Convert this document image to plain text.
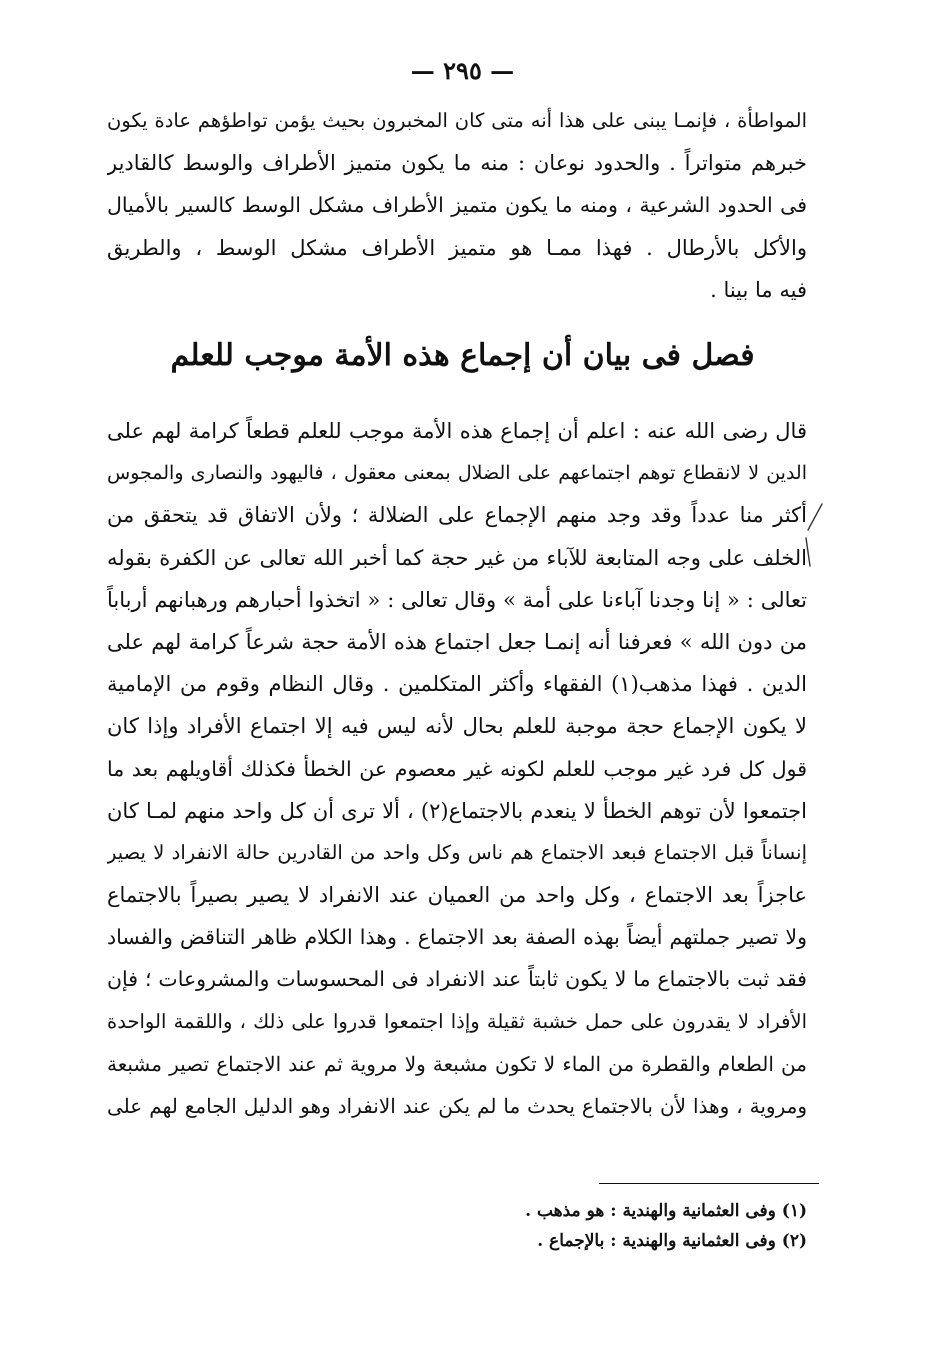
— ٢٩٥ —
المواطأة ، فإنمـا يبنى على هذا أنه متى كان المخبرون بحيث يؤمن تواطؤهم عادة يكون
خبرهم متواتراً . والحدود نوعان : منه ما يكون متميز الأطراف والوسط كالقادير
فى الحدود الشرعية ، ومنه ما يكون متميز الأطراف مشكل الوسط كالسير بالأميال
والأكل بالأرطال . فهذا ممـا هو متميز الأطراف مشكل الوسط ، والطريق
فيه ما بينا .
فصل فى بيان أن إجماع هذه الأمة موجب للعلم
قال رضى الله عنه : اعلم أن إجماع هذه الأمة موجب للعلم قطعاً كرامة لهم على
الدين لا لانقطاع توهم اجتماعهم على الضلال بمعنى معقول ، فاليهود والنصارى والمجوس
أكثر منا عدداً وقد وجد منهم الإجماع على الضلالة ؛ ولأن الاتفاق قد يتحقق من
الخلف على وجه المتابعة للآباء من غير حجة كما أخبر الله تعالى عن الكفرة بقوله
تعالى : « إنا وجدنا آباءنا على أمة » وقال تعالى : « اتخذوا أحبارهم ورهبانهم أرباباً
من دون الله » فعرفنا أنه إنمـا جعل اجتماع هذه الأمة حجة شرعاً كرامة لهم على
الدين . فهذا مذهب(١) الفقهاء وأكثر المتكلمين . وقال النظام وقوم من الإمامية
لا يكون الإجماع حجة موجبة للعلم بحال لأنه ليس فيه إلا اجتماع الأفراد وإذا كان
قول كل فرد غير موجب للعلم لكونه غير معصوم عن الخطأ فكذلك أقاويلهم بعد ما
اجتمعوا لأن توهم الخطأ لا ينعدم بالاجتماع(٢) ، ألا ترى أن كل واحد منهم لمـا كان
إنساناً قبل الاجتماع فبعد الاجتماع هم ناس وكل واحد من القادرين حالة الانفراد لا يصير
عاجزاً بعد الاجتماع ، وكل واحد من العميان عند الانفراد لا يصير بصيراً بالاجتماع
ولا تصير جملتهم أيضاً بهذه الصفة بعد الاجتماع . وهذا الكلام ظاهر التناقض والفساد
فقد ثبت بالاجتماع ما لا يكون ثابتاً عند الانفراد فى المحسوسات والمشروعات ؛ فإن
الأفراد لا يقدرون على حمل خشبة ثقيلة وإذا اجتمعوا قدروا على ذلك ، واللقمة الواحدة
من الطعام والقطرة من الماء لا تكون مشبعة ولا مروية ثم عند الاجتماع تصير مشبعة
ومروية ، وهذا لأن بالاجتماع يحدث ما لم يكن عند الانفراد وهو الدليل الجامع لهم على
(١) وفى العثمانية والهندية : هو مذهب .
(٢) وفى العثمانية والهندية : بالإجماع .
